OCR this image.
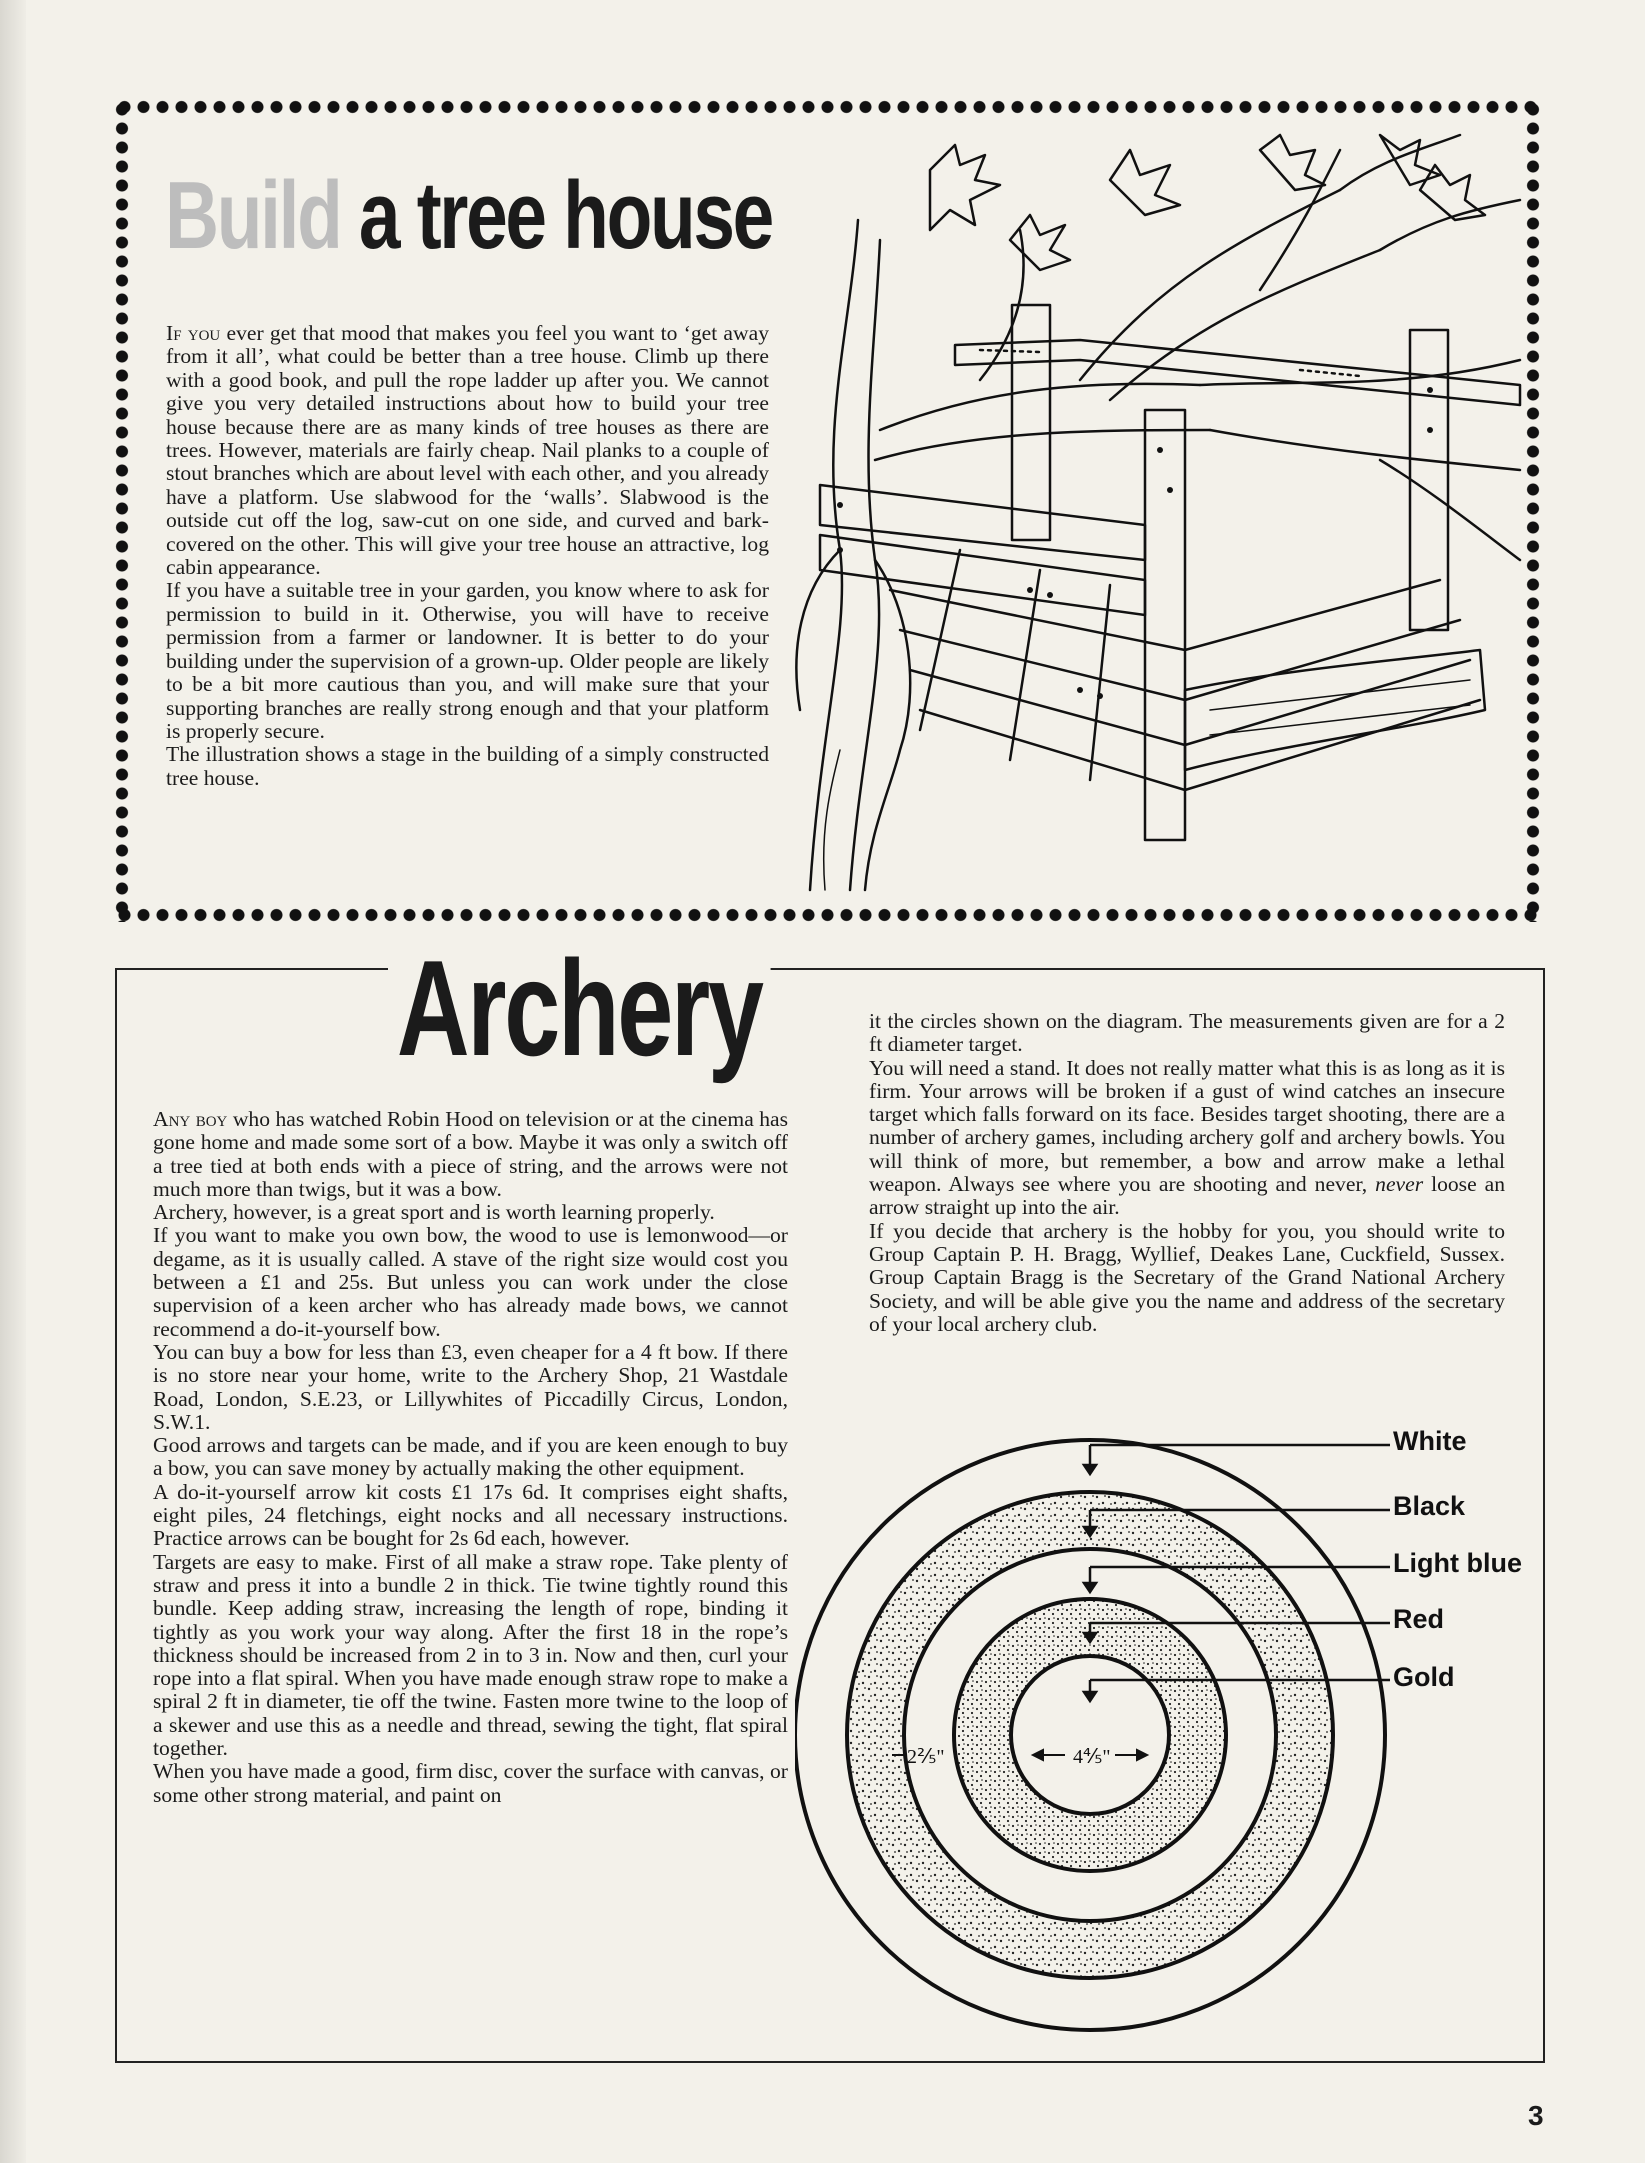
Build a tree house

If you ever get that mood that makes you feel you want to ‘get away from it all’, what could be better than a tree house. Climb up there with a good book, and pull the rope ladder up after you. We cannot give you very detailed instructions about how to build your tree house because there are as many kinds of tree houses as there are trees. However, materials are fairly cheap. Nail planks to a couple of stout branches which are about level with each other, and you already have a platform. Use slabwood for the ‘walls’. Slabwood is the outside cut off the log, saw-cut on one side, and curved and bark-covered on the other. This will give your tree house an attractive, log cabin appearance.

If you have a suitable tree in your garden, you know where to ask for permission to build in it. Otherwise, you will have to receive permission from a farmer or landowner. It is better to do your building under the supervision of a grown-up. Older people are likely to be a bit more cautious than you, and will make sure that your supporting branches are really strong enough and that your platform is properly secure.

The illustration shows a stage in the building of a simply constructed tree house.

Archery

Any boy who has watched Robin Hood on television or at the cinema has gone home and made some sort of a bow. Maybe it was only a switch off a tree tied at both ends with a piece of string, and the arrows were not much more than twigs, but it was a bow.

Archery, however, is a great sport and is worth learning properly.

If you want to make you own bow, the wood to use is lemonwood—or degame, as it is usually called. A stave of the right size would cost you between a £1 and 25s. But unless you can work under the close supervision of a keen archer who has already made bows, we cannot recommend a do-it-yourself bow.

You can buy a bow for less than £3, even cheaper for a 4 ft bow. If there is no store near your home, write to the Archery Shop, 21 Wastdale Road, London, S.E.23, or Lillywhites of Piccadilly Circus, London, S.W.1.

Good arrows and targets can be made, and if you are keen enough to buy a bow, you can save money by actually making the other equipment.

A do-it-yourself arrow kit costs £1 17s 6d. It comprises eight shafts, eight piles, 24 fletchings, eight nocks and all necessary instructions. Practice arrows can be bought for 2s 6d each, however.

Targets are easy to make. First of all make a straw rope. Take plenty of straw and press it into a bundle 2 in thick. Tie twine tightly round this bundle. Keep adding straw, increasing the length of rope, binding it tightly as you work your way along. After the first 18 in the rope’s thickness should be increased from 2 in to 3 in. Now and then, curl your rope into a flat spiral. When you have made enough straw rope to make a spiral 2 ft in diameter, tie off the twine. Fasten more twine to the loop of a skewer and use this as a needle and thread, sewing the tight, flat spiral together.

When you have made a good, firm disc, cover the surface with canvas, or some other strong material, and paint on

it the circles shown on the diagram. The measurements given are for a 2 ft diameter target.

You will need a stand. It does not really matter what this is as long as it is firm. Your arrows will be broken if a gust of wind catches an insecure target which falls forward on its face. Besides target shooting, there are a number of archery games, including archery golf and archery bowls. You will think of more, but remember, a bow and arrow make a lethal weapon. Always see where you are shooting and never, never loose an arrow straight up into the air.

If you decide that archery is the hobby for you, you should write to Group Captain P. H. Bragg, Wyllief, Deakes Lane, Cuckfield, Sussex. Group Captain Bragg is the Secretary of the Grand National Archery Society, and will be able give you the name and address of the secretary of your local archery club.

2⅖"	4⅘"
White
Black
Light blue
Red
Gold

3
